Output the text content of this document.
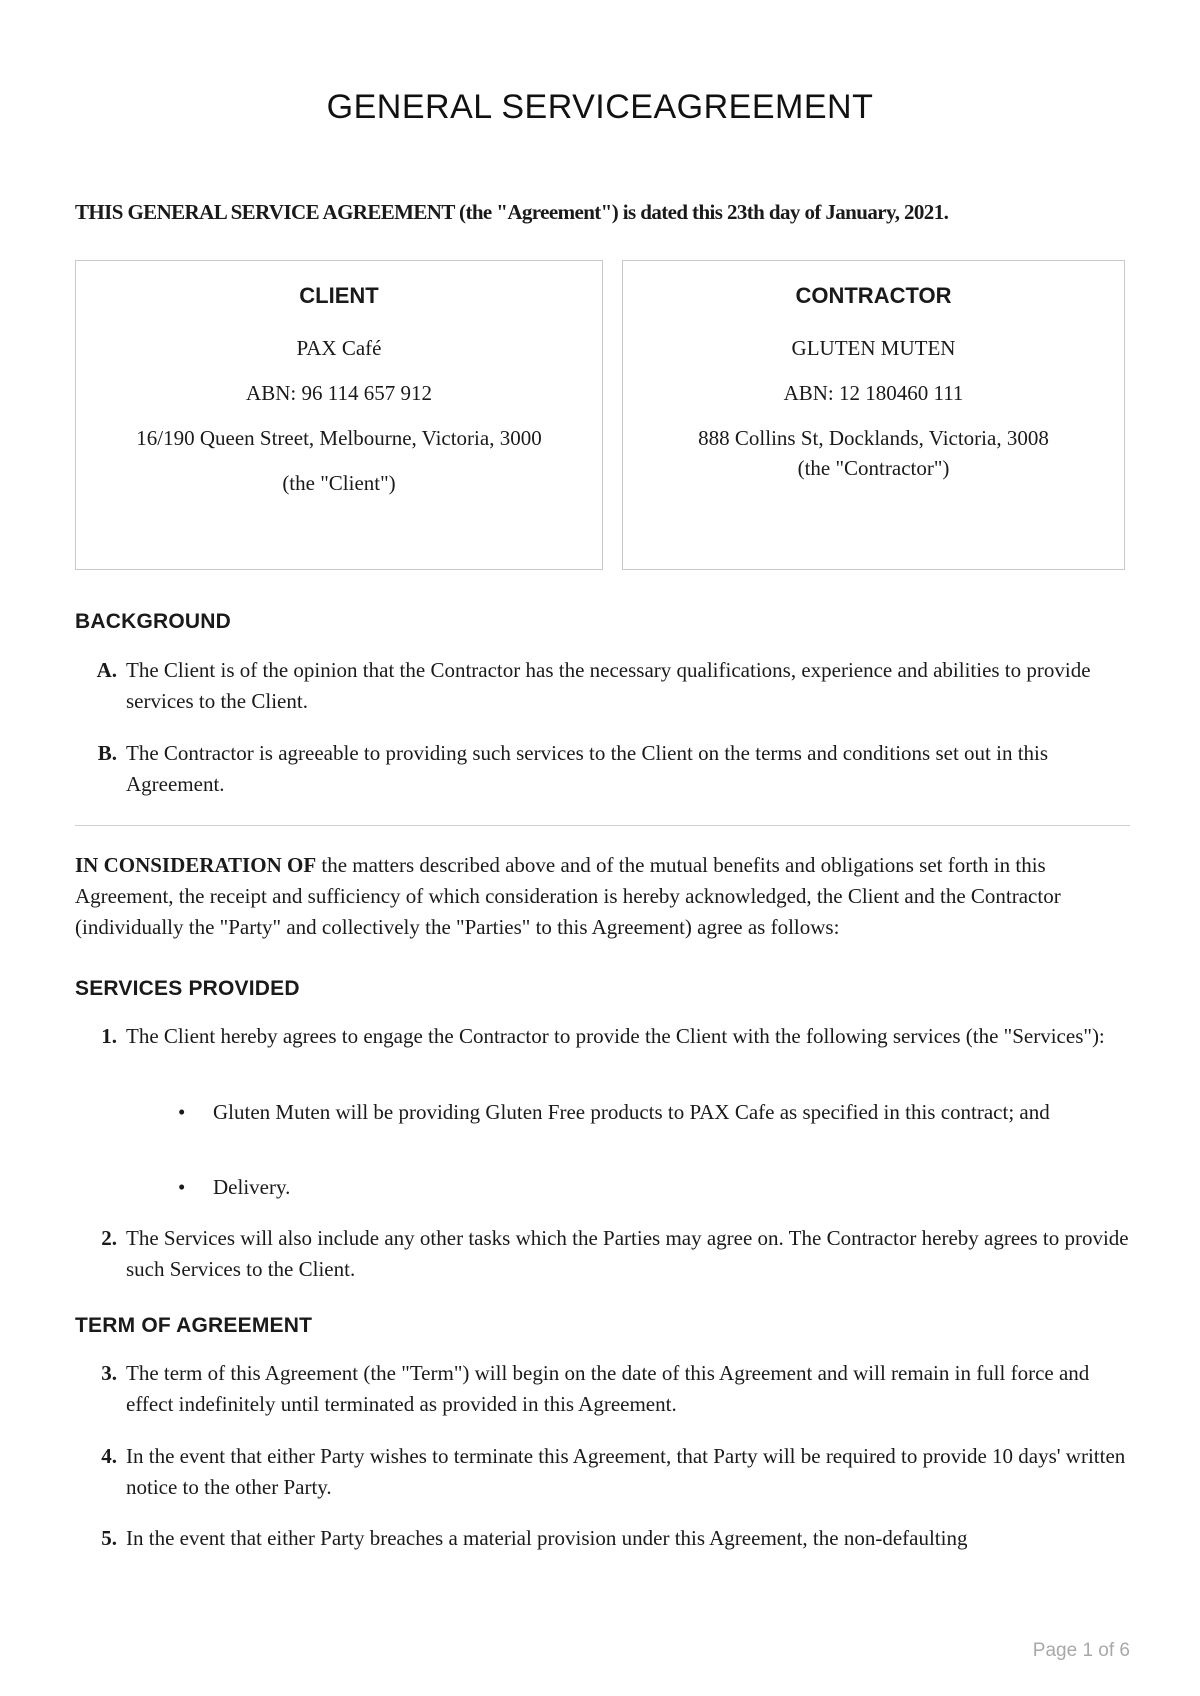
GENERAL SERVICEAGREEMENT
THIS GENERAL SERVICE AGREEMENT (the "Agreement") is dated this 23th day of January, 2021.
CLIENT
PAX Café
ABN: 96 114 657 912
16/190 Queen Street, Melbourne, Victoria, 3000
(the "Client")
CONTRACTOR
GLUTEN MUTEN
ABN: 12 180460 111
888 Collins St, Docklands, Victoria, 3008
(the "Contractor")
BACKGROUND
A. The Client is of the opinion that the Contractor has the necessary qualifications, experience and abilities to provide services to the Client.
B. The Contractor is agreeable to providing such services to the Client on the terms and conditions set out in this Agreement.
IN CONSIDERATION OF the matters described above and of the mutual benefits and obligations set forth in this Agreement, the receipt and sufficiency of which consideration is hereby acknowledged, the Client and the Contractor (individually the "Party" and collectively the "Parties" to this Agreement) agree as follows:
SERVICES PROVIDED
1. The Client hereby agrees to engage the Contractor to provide the Client with the following services (the "Services"):
• Gluten Muten will be providing Gluten Free products to PAX Cafe as specified in this contract; and
• Delivery.
2. The Services will also include any other tasks which the Parties may agree on. The Contractor hereby agrees to provide such Services to the Client.
TERM OF AGREEMENT
3. The term of this Agreement (the "Term") will begin on the date of this Agreement and will remain in full force and effect indefinitely until terminated as provided in this Agreement.
4. In the event that either Party wishes to terminate this Agreement, that Party will be required to provide 10 days' written notice to the other Party.
5. In the event that either Party breaches a material provision under this Agreement, the non-defaulting
Page 1 of 6
